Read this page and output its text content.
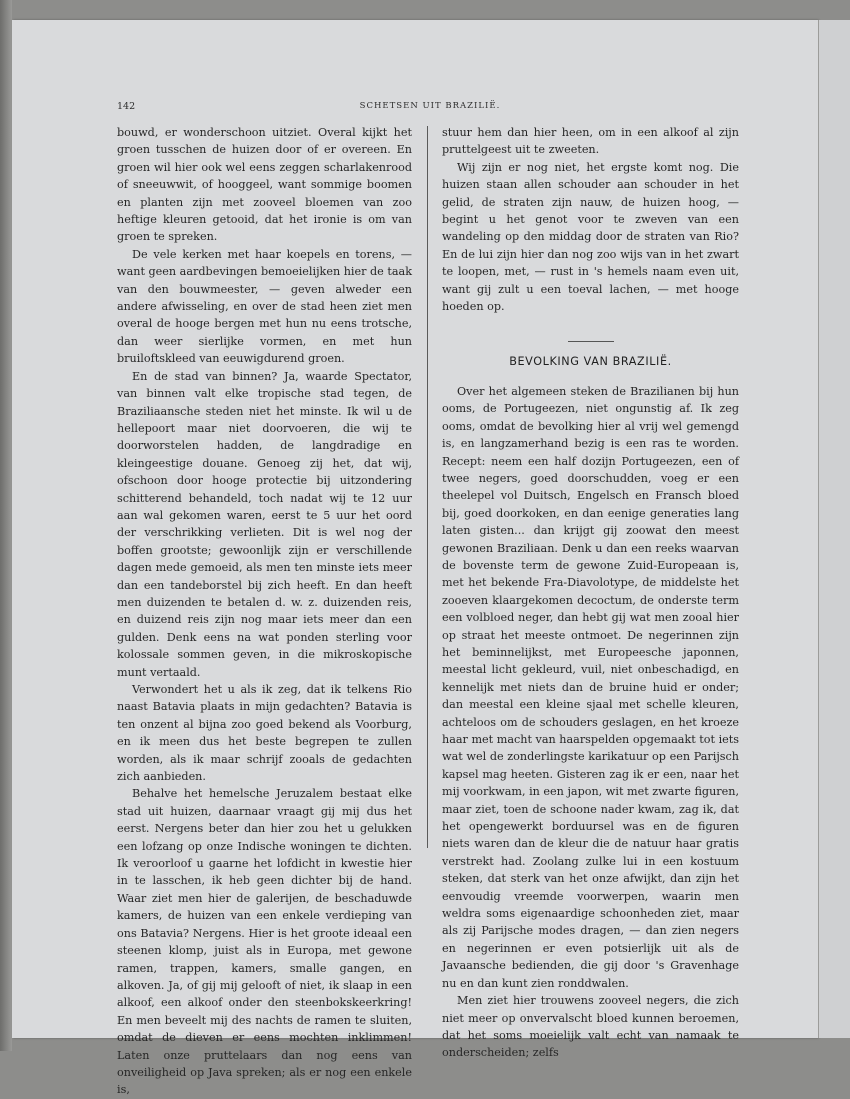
142	SCHETSEN UIT BRAZILIË.

bouwd, er wonderschoon uitziet. Overal kijkt het groen tusschen de huizen door of er overeen. En groen wil hier ook wel eens zeggen scharlakenrood of sneeuwwit, of hooggeel, want sommige boomen en planten zijn met zooveel bloemen van zoo heftige kleuren getooid, dat het ironie is om van groen te spreken.

De vele kerken met haar koepels en torens, — want geen aardbevingen bemoeielijken hier de taak van den bouwmeester, — geven alweder een andere afwisseling, en over de stad heen ziet men overal de hooge bergen met hun nu eens trotsche, dan weer sierlijke vormen, en met hun bruiloftskleed van eeuwigdurend groen.

En de stad van binnen? Ja, waarde Spectator, van binnen valt elke tropische stad tegen, de Braziliaansche steden niet het minste. Ik wil u de hellepoort maar niet doorvoeren, die wij te doorworstelen hadden, de langdradige en kleingeestige douane. Genoeg zij het, dat wij, ofschoon door hooge protectie bij uitzondering schitterend behandeld, toch nadat wij te 12 uur aan wal gekomen waren, eerst te 5 uur het oord der verschrikking verlieten. Dit is wel nog der boffen grootste; gewoonlijk zijn er verschillende dagen mede gemoeid, als men ten minste iets meer dan een tandeborstel bij zich heeft. En dan heeft men duizenden te betalen d. w. z. duizenden reis, en duizend reis zijn nog maar iets meer dan een gulden. Denk eens na wat ponden sterling voor kolossale sommen geven, in die mikroskopische munt vertaald.

Verwondert het u als ik zeg, dat ik telkens Rio naast Batavia plaats in mijn gedachten? Batavia is ten onzent al bijna zoo goed bekend als Voorburg, en ik meen dus het beste begrepen te zullen worden, als ik maar schrijf zooals de gedachten zich aanbieden.

Behalve het hemelsche Jeruzalem bestaat elke stad uit huizen, daarnaar vraagt gij mij dus het eerst. Nergens beter dan hier zou het u gelukken een lofzang op onze Indische woningen te dichten. Ik veroorloof u gaarne het lofdicht in kwestie hier in te lasschen, ik heb geen dichter bij de hand. Waar ziet men hier de galerijen, de beschaduwde kamers, de huizen van een enkele verdieping van ons Batavia? Nergens. Hier is het groote ideaal een steenen klomp, juist als in Europa, met gewone ramen, trappen, kamers, smalle gangen, en alkoven. Ja, of gij mij gelooft of niet, ik slaap in een alkoof, een alkoof onder den steenbokskeerkring! En men beveelt mij des nachts de ramen te sluiten, omdat de dieven er eens mochten inklimmen! Laten onze pruttelaars dan nog eens van onveiligheid op Java spreken; als er nog een enkele is,

stuur hem dan hier heen, om in een alkoof al zijn pruttelgeest uit te zweeten.

Wij zijn er nog niet, het ergste komt nog. Die huizen staan allen schouder aan schouder in het gelid, de straten zijn nauw, de huizen hoog, — begint u het genot voor te zweven van een wandeling op den middag door de straten van Rio? En de lui zijn hier dan nog zoo wijs van in het zwart te loopen, met, — rust in 's hemels naam even uit, want gij zult u een toeval lachen, — met hooge hoeden op.

BEVOLKING VAN BRAZILIË.

Over het algemeen steken de Brazilianen bij hun ooms, de Portugeezen, niet ongunstig af. Ik zeg ooms, omdat de bevolking hier al vrij wel gemengd is, en langzamerhand bezig is een ras te worden. Recept: neem een half dozijn Portugeezen, een of twee negers, goed doorschudden, voeg er een theelepel vol Duitsch, Engelsch en Fransch bloed bij, goed doorkoken, en dan eenige generaties lang laten gisten... dan krijgt gij zoowat den meest gewonen Braziliaan. Denk u dan een reeks waarvan de bovenste term de gewone Zuid-Europeaan is, met het bekende Fra-Diavolotype, de middelste het zooeven klaargekomen decoctum, de onderste term een volbloed neger, dan hebt gij wat men zooal hier op straat het meeste ontmoet. De negerinnen zijn het beminnelijkst, met Europeesche japonnen, meestal licht gekleurd, vuil, niet onbeschadigd, en kennelijk met niets dan de bruine huid er onder; dan meestal een kleine sjaal met schelle kleuren, achteloos om de schouders geslagen, en het kroeze haar met macht van haarspelden opgemaakt tot iets wat wel de zonderlingste karikatuur op een Parijsch kapsel mag heeten. Gisteren zag ik er een, naar het mij voorkwam, in een japon, wit met zwarte figuren, maar ziet, toen de schoone nader kwam, zag ik, dat het opengewerkt borduursel was en de figuren niets waren dan de kleur die de natuur haar gratis verstrekt had. Zoolang zulke lui in een kostuum steken, dat sterk van het onze afwijkt, dan zijn het eenvoudig vreemde voorwerpen, waarin men weldra soms eigenaardige schoonheden ziet, maar als zij Parijsche modes dragen, — dan zien negers en negerinnen er even potsierlijk uit als de Javaansche bedienden, die gij door 's Gravenhage nu en dan kunt zien ronddwalen.

Men ziet hier trouwens zooveel negers, die zich niet meer op onvervalscht bloed kunnen beroemen, dat het soms moeielijk valt echt van namaak te onderscheiden; zelfs
